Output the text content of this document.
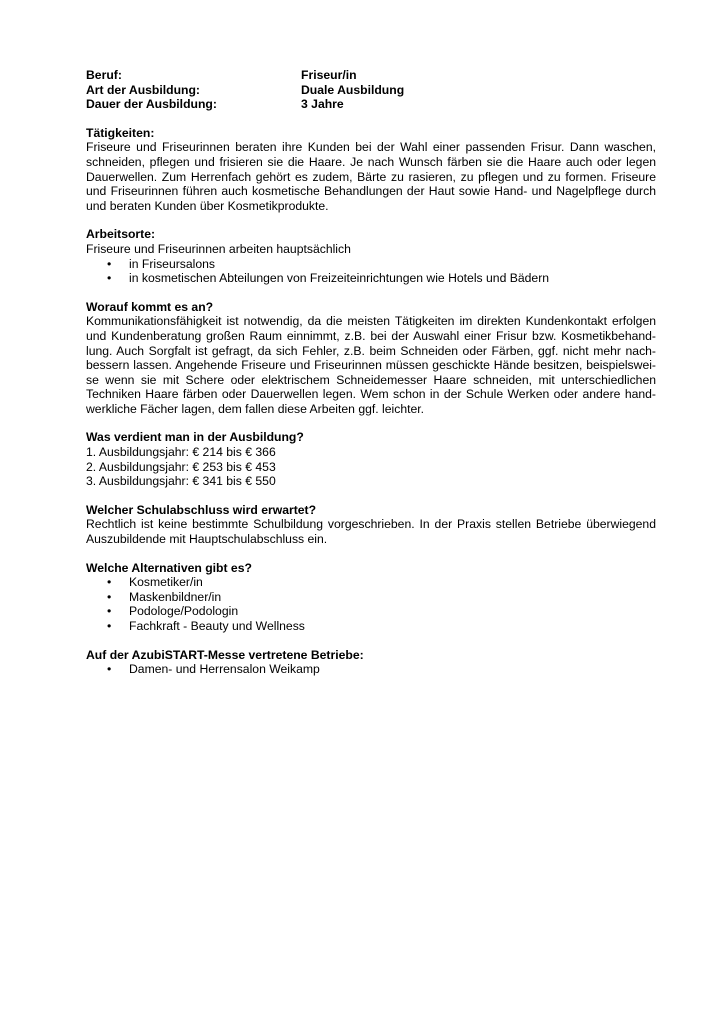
Beruf:	Friseur/in
Art der Ausbildung:	Duale Ausbildung
Dauer der Ausbildung:	3 Jahre
Tätigkeiten:

Friseure und Friseurinnen beraten ihre Kunden bei der Wahl einer passenden Frisur. Dann waschen, schneiden, pflegen und frisieren sie die Haare. Je nach Wunsch färben sie die Haare auch oder legen Dauerwellen. Zum Herrenfach gehört es zudem, Bärte zu rasieren, zu pflegen und zu formen. Friseure und Friseurinnen führen auch kosmetische Behandlungen der Haut sowie Hand- und Nagelpflege durch und beraten Kunden über Kosmetikprodukte.

Arbeitsorte:

Friseure und Friseurinnen arbeiten hauptsächlich

• in Friseursalons
• in kosmetischen Abteilungen von Freizeiteinrichtungen wie Hotels und Bädern
Worauf kommt es an?

Kommunikationsfähigkeit ist notwendig, da die meisten Tätigkeiten im direkten Kundenkontakt erfolgen und Kundenberatung großen Raum einnimmt, z.B. bei der Auswahl einer Frisur bzw. Kosmetikbehand- lung. Auch Sorgfalt ist gefragt, da sich Fehler, z.B. beim Schneiden oder Färben, ggf. nicht mehr nach- bessern lassen. Angehende Friseure und Friseurinnen müssen geschickte Hände besitzen, beispielswei- se wenn sie mit Schere oder elektrischem Schneidemesser Haare schneiden, mit unterschiedlichen Techniken Haare färben oder Dauerwellen legen. Wem schon in der Schule Werken oder andere hand- werkliche Fächer lagen, dem fallen diese Arbeiten ggf. leichter.

Was verdient man in der Ausbildung?

1. Ausbildungsjahr: € 214 bis € 366

2. Ausbildungsjahr: € 253 bis € 453

3. Ausbildungsjahr: € 341 bis € 550

Welcher Schulabschluss wird erwartet?

Rechtlich ist keine bestimmte Schulbildung vorgeschrieben. In der Praxis stellen Betriebe überwiegend Auszubildende mit Hauptschulabschluss ein.

Welche Alternativen gibt es?
• Kosmetiker/in
• Maskenbildner/in
• Podologe/Podologin
• Fachkraft - Beauty und Wellness
Auf der AzubiSTART-Messe vertretene Betriebe:
• Damen- und Herrensalon Weikamp
